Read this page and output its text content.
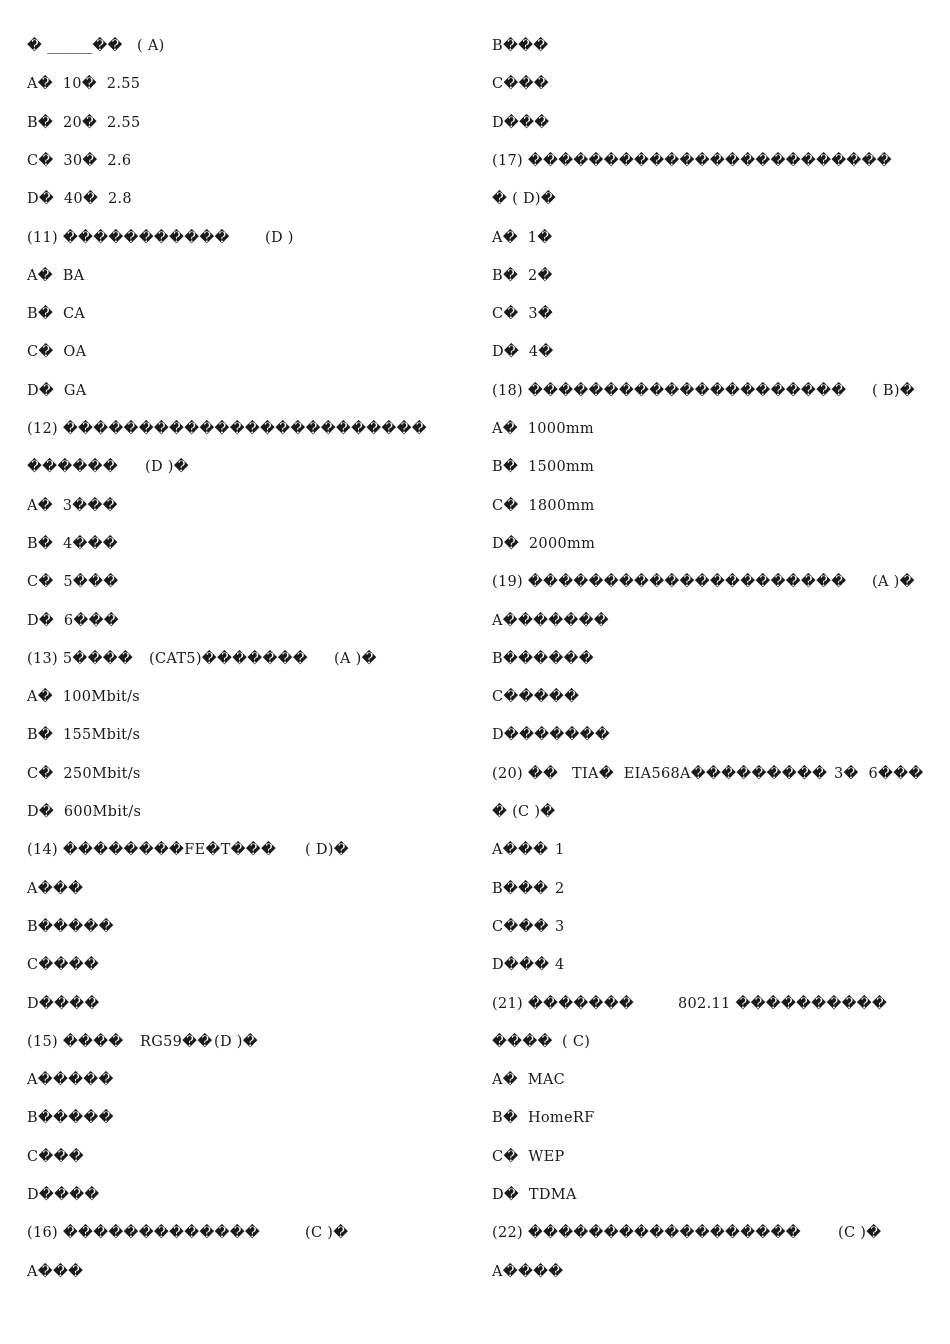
� ______�� ( A)
A�  10�  2.55
B�  20�  2.55
C�  30�  2.6
D�  40�  2.8
(11) ����������� (D )
A�  BA
B�  CA
C�  OA
D�  GA
(12) ������������������������
������ (D )�
A�  3���
B�  4���
C�  5���
D�  6���
(13) 5���� (CAT5)������� (A )�
A�  100Mbit/s
B�  155Mbit/s
C�  250Mbit/s
D�  600Mbit/s
(14) ��������FE�T��� ( D)�
A���
B�����
C����
D����
(15) ���� RG59��
(D )�
A�����
B�����
C���
D����
(16) �������������	(C )�
A���
B���
C���
D���
(17) ������������������������
� ( D)�
A�  1�
B�  2�
C�  3�
D�  4�
(18) ��������������������� ( B)�
A�  1000mm
B�  1500mm
C�  1800mm
D�  2000mm
(19) ��������������������� (A )�
A�������
B������
C�����
D�������
(20) �� TIA�  EIA568A��������� 3�  6���
� (C )�
A��� 1
B��� 2
C��� 3
D��� 4
(21) �������	802.11 ����������
���� ( C)
A�  MAC
B�  HomeRF
C�  WEP
D�  TDMA
(22) ������������������ (C )�
A����
